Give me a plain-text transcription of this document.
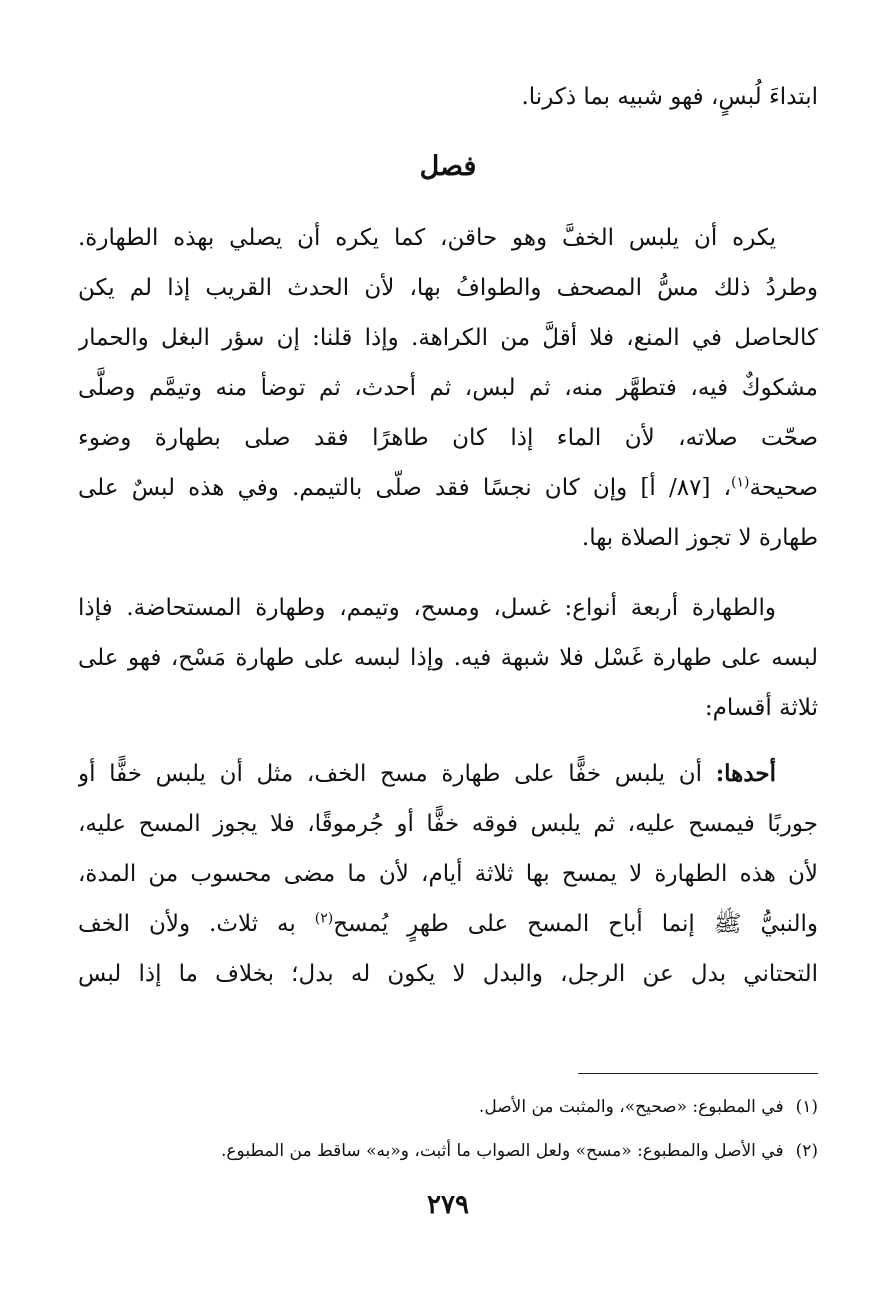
ابتداءَ لُبسٍ، فهو شبيه بما ذكرنا.
فصل
يكره أن يلبس الخفَّ وهو حاقن، كما يكره أن يصلي بهذه الطهارة.
وطردُ ذلك مسُّ المصحف والطوافُ بها، لأن الحدث القريب إذا لم يكن
كالحاصل في المنع، فلا أقلَّ من الكراهة. وإذا قلنا: إن سؤر البغل والحمار
مشكوكٌ فيه، فتطهَّر منه، ثم لبس، ثم أحدث، ثم توضأ منه وتيمَّم وصلَّى
صحّت صلاته، لأن الماء إذا كان طاهرًا فقد صلى بطهارة وضوء
صحيحة$^{(١)}$، [٨٧/ أ] وإن كان نجسًا فقد صلّى بالتيمم. وفي هذه لبسٌ على
طهارة لا تجوز الصلاة بها.
والطهارة أربعة أنواع: غسل، ومسح، وتيمم، وطهارة المستحاضة. فإذا
لبسه على طهارة غَسْل فلا شبهة فيه. وإذا لبسه على طهارة مَسْح، فهو على
ثلاثة أقسام:
أحدها: أن يلبس خفًّا على طهارة مسح الخف، مثل أن يلبس خفًّا أو
جوربًا فيمسح عليه، ثم يلبس فوقه خفًّا أو جُرموقًا، فلا يجوز المسح عليه،
لأن هذه الطهارة لا يمسح بها ثلاثة أيام، لأن ما مضى محسوب من المدة،
والنبيُّ ﷺ إنما أباح المسح على طهرٍ يُمسح$^{(٢)}$ به ثلاث. ولأن الخف
التحتاني بدل عن الرجل، والبدل لا يكون له بدل؛ بخلاف ما إذا لبس
(١)في المطبوع: «صحيح»، والمثبت من الأصل.
(٢)في الأصل والمطبوع: «مسح» ولعل الصواب ما أثبت، و«به» ساقط من المطبوع.
٢٧٩
